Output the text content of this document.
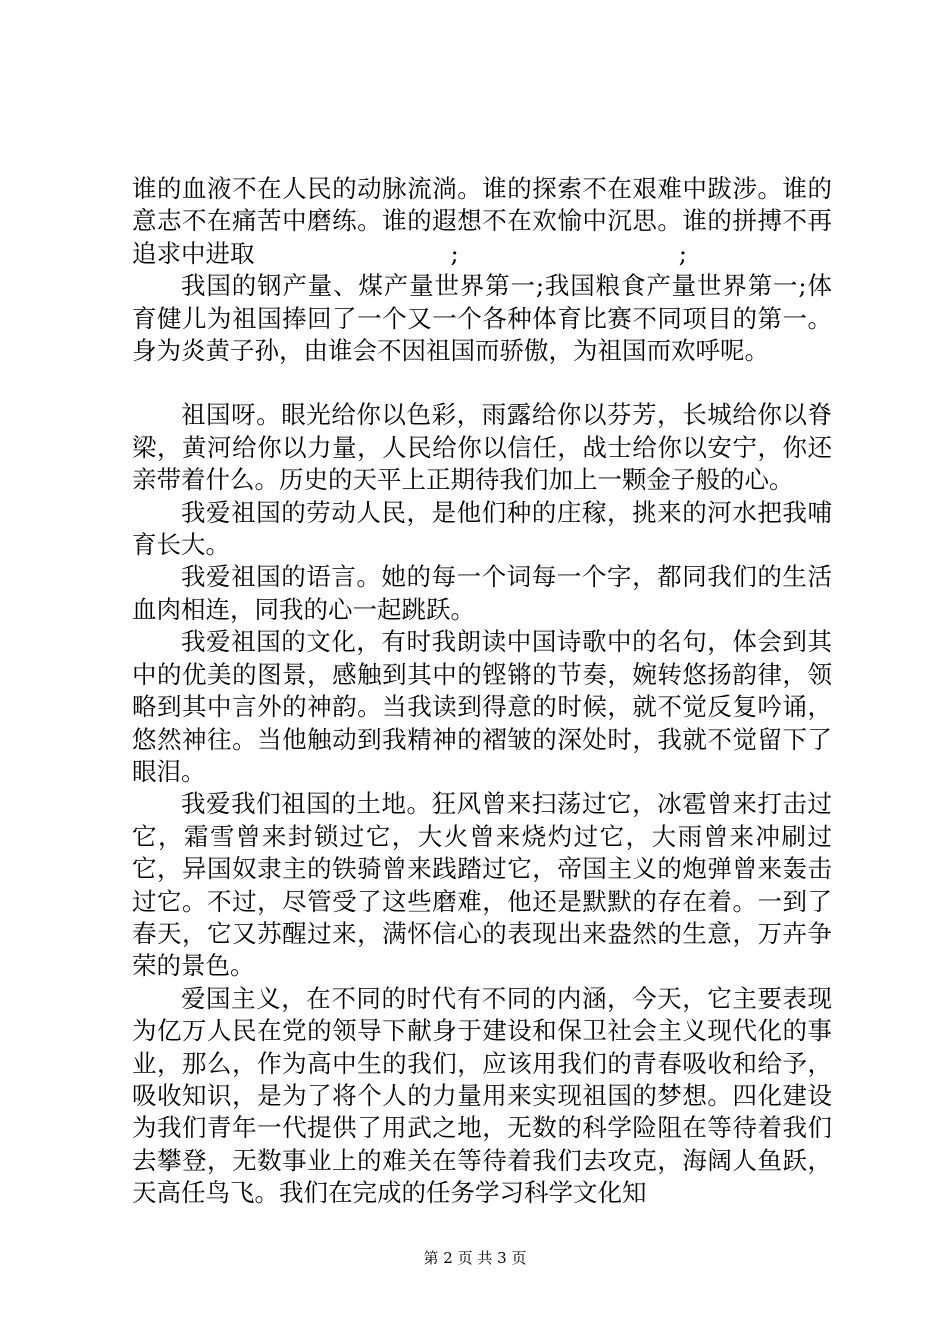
谁的血液不在人民的动脉流淌。谁的探索不在艰难中跋涉。谁的意志不在痛苦中磨练。谁的遐想不在欢愉中沉思。谁的拼搏不再追求中进取	;	;

我国的钢产量、煤产量世界第一;我国粮食产量世界第一;体育健儿为祖国捧回了一个又一个各种体育比赛不同项目的第一。身为炎黄子孙，由谁会不因祖国而骄傲，为祖国而欢呼呢。

祖国呀。眼光给你以色彩，雨露给你以芬芳，长城给你以脊梁，黄河给你以力量，人民给你以信任，战士给你以安宁，你还亲带着什么。历史的天平上正期待我们加上一颗金子般的心。

我爱祖国的劳动人民，是他们种的庄稼，挑来的河水把我哺育长大。

我爱祖国的语言。她的每一个词每一个字，都同我们的生活血肉相连，同我的心一起跳跃。

我爱祖国的文化，有时我朗读中国诗歌中的名句，体会到其中的优美的图景，感触到其中的铿锵的节奏，婉转悠扬韵律，领略到其中言外的神韵。当我读到得意的时候，就不觉反复吟诵，悠然神往。当他触动到我精神的褶皱的深处时，我就不觉留下了眼泪。

我爱我们祖国的土地。狂风曾来扫荡过它，冰雹曾来打击过它，霜雪曾来封锁过它，大火曾来烧灼过它，大雨曾来冲刷过它，异国奴隶主的铁骑曾来践踏过它，帝国主义的炮弹曾来轰击过它。不过，尽管受了这些磨难，他还是默默的存在着。一到了春天，它又苏醒过来，满怀信心的表现出来盎然的生意，万卉争荣的景色。

爱国主义，在不同的时代有不同的内涵，今天，它主要表现为亿万人民在党的领导下献身于建设和保卫社会主义现代化的事业，那么，作为高中生的我们，应该用我们的青春吸收和给予，吸收知识，是为了将个人的力量用来实现祖国的梦想。四化建设为我们青年一代提供了用武之地，无数的科学险阻在等待着我们去攀登，无数事业上的难关在等待着我们去攻克，海阔人鱼跃，天高任鸟飞。我们在完成的任务学习科学文化知

第 2 页 共 3 页
